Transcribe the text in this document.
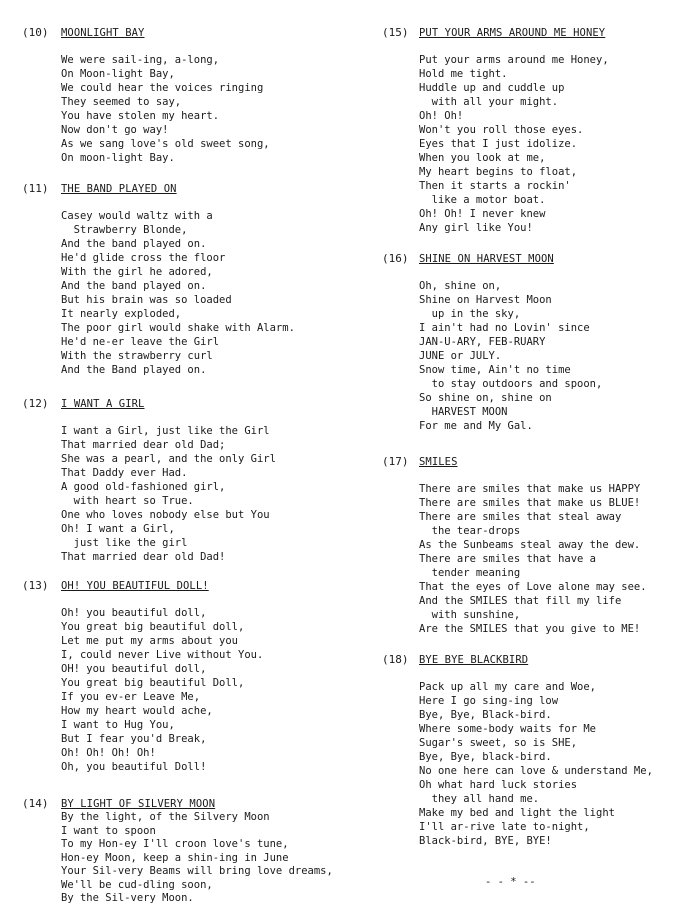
(10)	MOONLIGHT BAY
We were sail-ing, a-long,
On Moon-light Bay,
We could hear the voices ringing
They seemed to say,
You have stolen my heart.
Now don't go way!
As we sang love's old sweet song,
On moon-light Bay.
(11)	THE BAND PLAYED ON
Casey would waltz with a
Strawberry Blonde,
And the band played on.
He'd glide cross the floor
With the girl he adored,
And the band played on.
But his brain was so loaded
It nearly exploded,
The poor girl would shake with Alarm.
He'd ne-er leave the Girl
With the strawberry curl
And the Band played on.
(12)	I WANT A GIRL
I want a Girl, just like the Girl
That married dear old Dad;
She was a pearl, and the only Girl
That Daddy ever Had.
A good old-fashioned girl,
with heart so True.
One who loves nobody else but You
Oh! I want a Girl,
just like the girl
That married dear old Dad!
(13)	OH! YOU BEAUTIFUL DOLL!
Oh! you beautiful doll,
You great big beautiful doll,
Let me put my arms about you
I, could never Live without You.
OH! you beautiful doll,
You great big beautiful Doll,
If you ev-er Leave Me,
How my heart would ache,
I want to Hug You,
But I fear you'd Break,
Oh! Oh! Oh! Oh!
Oh, you beautiful Doll!
(14)	BY LIGHT OF SILVERY MOON
By the light, of the Silvery Moon
I want to spoon
To my Hon-ey I'll croon love's tune,
Hon-ey Moon, keep a shin-ing in June
Your Sil-very Beams will bring love dreams,
We'll be cud-dling soon,
By the Sil-very Moon.
(15)	PUT YOUR ARMS AROUND ME HONEY
Put your arms around me Honey,
Hold me tight.
Huddle up and cuddle up
with all your might.
Oh! Oh!
Won't you roll those eyes.
Eyes that I just idolize.
When you look at me,
My heart begins to float,
Then it starts a rockin'
like a motor boat.
Oh! Oh! I never knew
Any girl like You!
(16)	SHINE ON HARVEST MOON
Oh, shine on,
Shine on Harvest Moon
up in the sky,
I ain't had no Lovin' since
JAN-U-ARY, FEB-RUARY
JUNE or JULY.
Snow time, Ain't no time
to stay outdoors and spoon,
So shine on, shine on
HARVEST MOON
For me and My Gal.
(17)	SMILES
There are smiles that make us HAPPY
There are smiles that make us BLUE!
There are smiles that steal away
the tear-drops
As the Sunbeams steal away the dew.
There are smiles that have a
tender meaning
That the eyes of Love alone may see.
And the SMILES that fill my life
with sunshine,
Are the SMILES that you give to ME!
(18)	BYE BYE BLACKBIRD
Pack up all my care and Woe,
Here I go sing-ing low
Bye, Bye, Black-bird.
Where some-body waits for Me
Sugar's sweet, so is SHE,
Bye, Bye, black-bird.
No one here can love & understand Me,
Oh what hard luck stories
they all hand me.
Make my bed and light the light
I'll ar-rive late to-night,
Black-bird, BYE, BYE!
- - * --
